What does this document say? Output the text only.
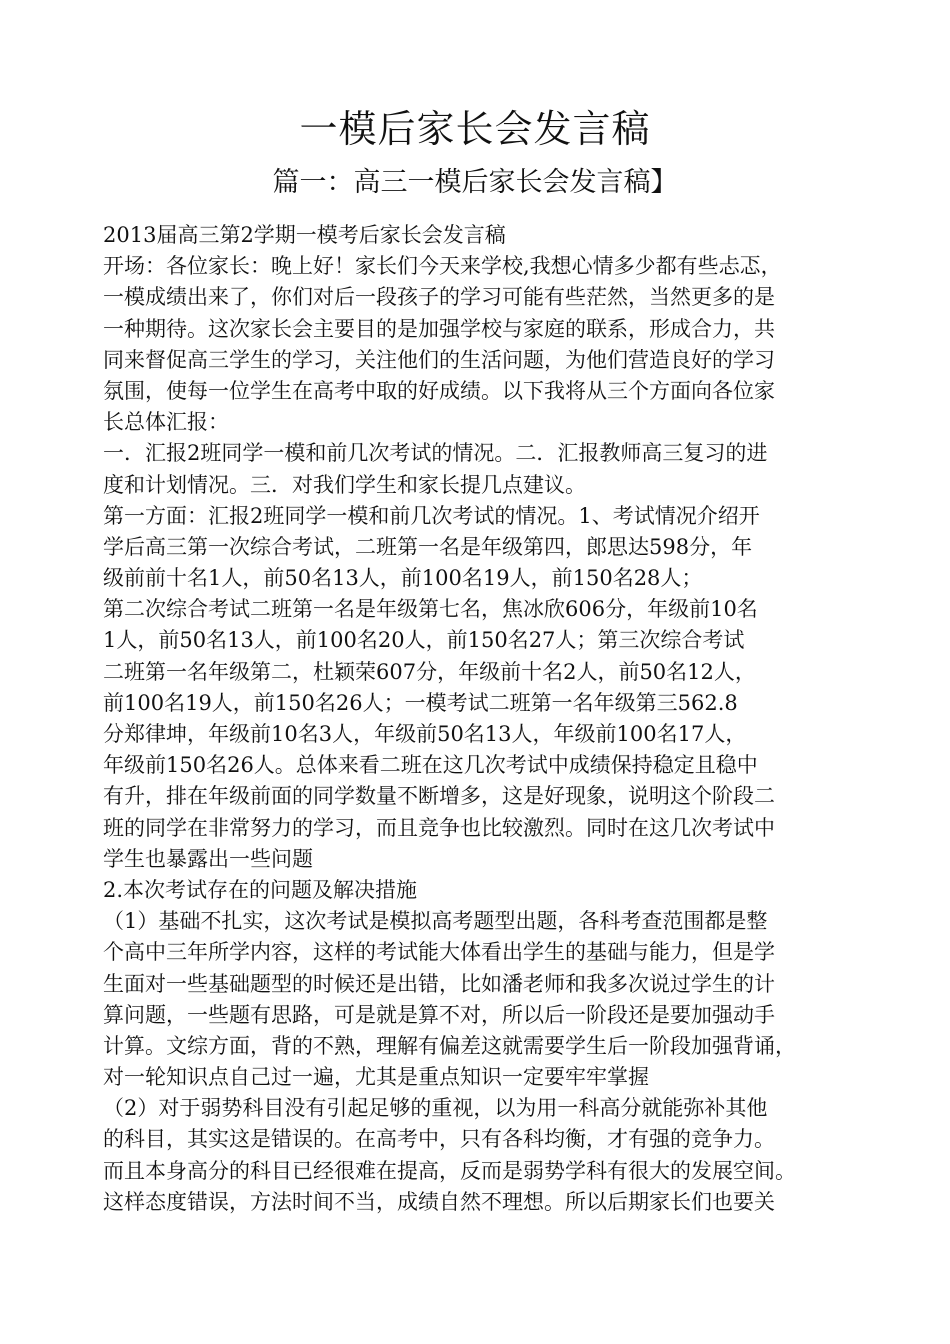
一模后家长会发言稿
篇一：高三一模后家长会发言稿】
2013届高三第2学期一模考后家长会发言稿
开场：各位家长：晚上好！家长们今天来学校,我想心情多少都有些忐忑，
一模成绩出来了，你们对后一段孩子的学习可能有些茫然，当然更多的是
一种期待。这次家长会主要目的是加强学校与家庭的联系，形成合力，共
同来督促高三学生的学习，关注他们的生活问题，为他们营造良好的学习
氛围，使每一位学生在高考中取的好成绩。以下我将从三个方面向各位家
长总体汇报：
一．汇报2班同学一模和前几次考试的情况。二．汇报教师高三复习的进
度和计划情况。三．对我们学生和家长提几点建议。
第一方面：汇报2班同学一模和前几次考试的情况。1、考试情况介绍开
学后高三第一次综合考试，二班第一名是年级第四，郎思达598分，年
级前前十名1人，前50名13人，前100名19人，前150名28人；
第二次综合考试二班第一名是年级第七名，焦冰欣606分，年级前10名
1人，前50名13人，前100名20人，前150名27人；第三次综合考试
二班第一名年级第二，杜颖荣607分，年级前十名2人，前50名12人，
前100名19人，前150名26人；一模考试二班第一名年级第三562.8
分郑律坤，年级前10名3人，年级前50名13人，年级前100名17人，
年级前150名26人。总体来看二班在这几次考试中成绩保持稳定且稳中
有升，排在年级前面的同学数量不断增多，这是好现象，说明这个阶段二
班的同学在非常努力的学习，而且竞争也比较激烈。同时在这几次考试中
学生也暴露出一些问题
2.本次考试存在的问题及解决措施
（1）基础不扎实，这次考试是模拟高考题型出题，各科考查范围都是整
个高中三年所学内容，这样的考试能大体看出学生的基础与能力，但是学
生面对一些基础题型的时候还是出错，比如潘老师和我多次说过学生的计
算问题，一些题有思路，可是就是算不对，所以后一阶段还是要加强动手
计算。文综方面，背的不熟，理解有偏差这就需要学生后一阶段加强背诵，
对一轮知识点自己过一遍，尤其是重点知识一定要牢牢掌握
（2）对于弱势科目没有引起足够的重视，以为用一科高分就能弥补其他
的科目，其实这是错误的。在高考中，只有各科均衡，才有强的竞争力。
而且本身高分的科目已经很难在提高，反而是弱势学科有很大的发展空间。
这样态度错误，方法时间不当，成绩自然不理想。所以后期家长们也要关
